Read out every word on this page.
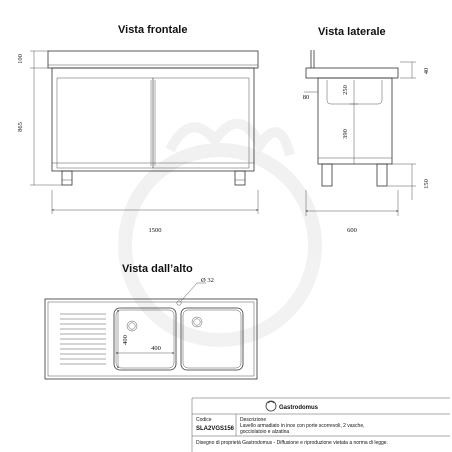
Vista frontale	Vista laterale
Vista dall’alto
100
865
1500
40
80
250
390
150
600
Ø 32
400
400
Gastrodomus
Codice
SLA2VGS156
Descrizione
Lavello armadiato in inox con porte scorrevoli, 2 vasche,
gocciolatoio e alzatina
Disegno di proprietà Gastrodomus - Diffusione e riproduzione vietata a norma di legge.
